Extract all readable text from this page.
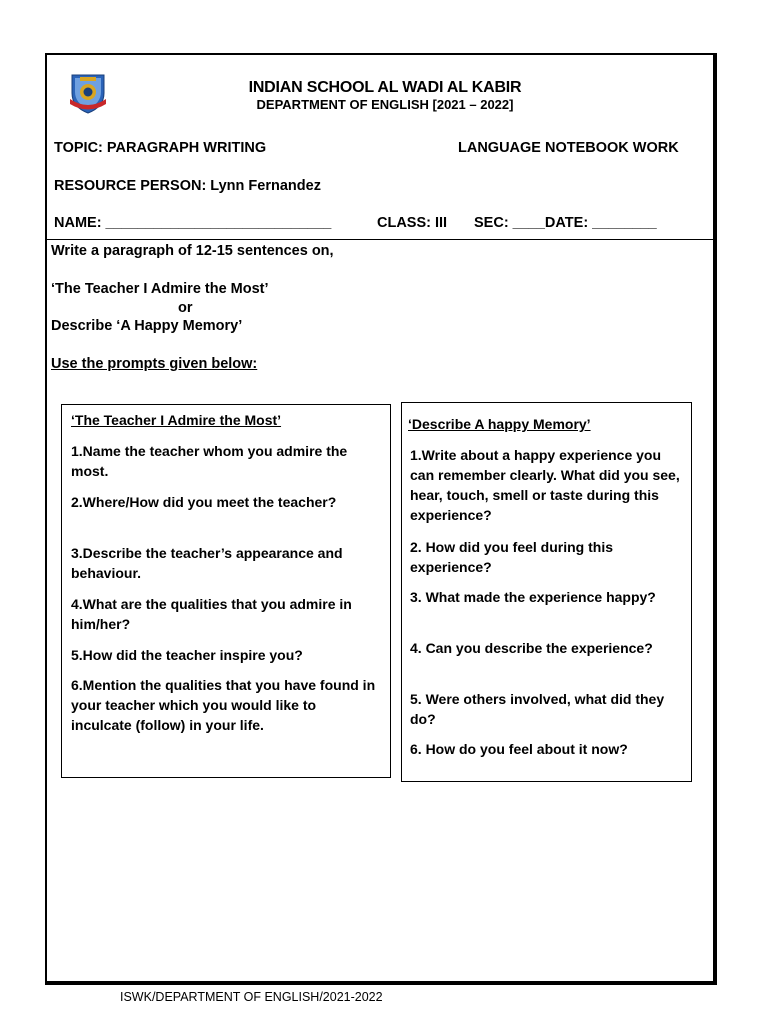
INDIAN SCHOOL AL WADI AL KABIR
DEPARTMENT OF ENGLISH [2021 – 2022]
TOPIC: PARAGRAPH WRITING	LANGUAGE NOTEBOOK WORK
RESOURCE PERSON: Lynn Fernandez
NAME: ____________________________	CLASS: III SEC: ____DATE: ________
Write a paragraph of 12-15 sentences on,
‘The Teacher I Admire the Most’
or
Describe ‘A Happy Memory’
Use the prompts given below:
‘The Teacher I Admire the Most’
1.Name the teacher whom you admire the most.
2.Where/How did you meet the teacher?
3.Describe the teacher’s appearance and behaviour.
4.What are the qualities that you admire in him/her?
5.How did the teacher inspire you?
6.Mention the qualities that you have found in your teacher which you would like to inculcate (follow) in your life.
‘Describe A happy Memory’
1.Write about a happy experience you can remember clearly. What did you see, hear, touch, smell or taste during this experience?
2. How did you feel during this experience?
3. What made the experience happy?
4. Can you describe the experience?
5. Were others involved, what did they do?
6. How do you feel about it now?
ISWK/DEPARTMENT OF ENGLISH/2021-2022
